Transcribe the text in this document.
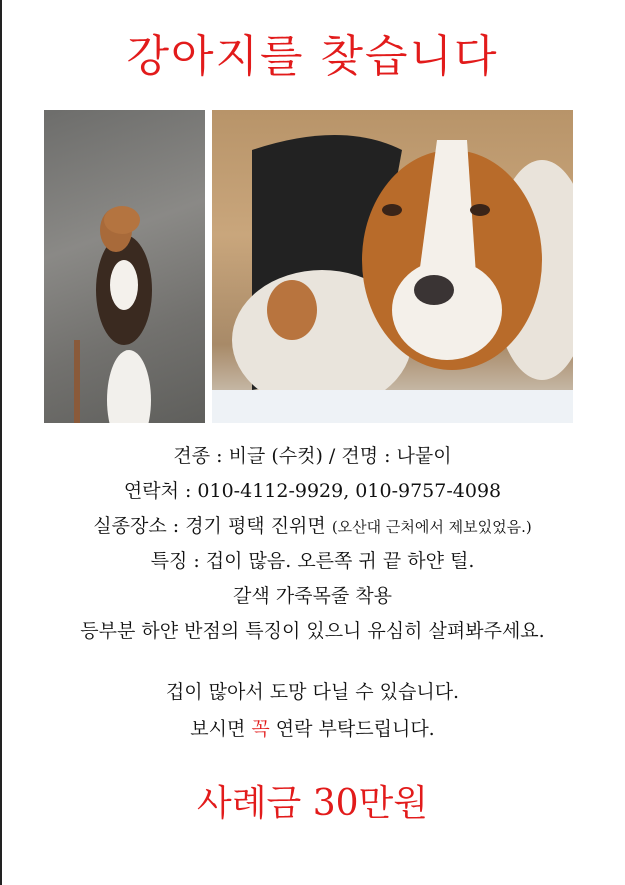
강아지를 찾습니다
견종 : 비글 (수컷) / 견명 : 나뭍이
연락처 : 010-4112-9929, 010-9757-4098
실종장소 : 경기 평택 진위면 (오산대 근처에서 제보있었음.)
특징 : 겁이 많음. 오른쪽 귀 끝 하얀 털.
갈색 가죽목줄 착용
등부분 하얀 반점의 특징이 있으니 유심히 살펴봐주세요.
겁이 많아서 도망 다닐 수 있습니다.
보시면 꼭 연락 부탁드립니다.
사례금 30만원
